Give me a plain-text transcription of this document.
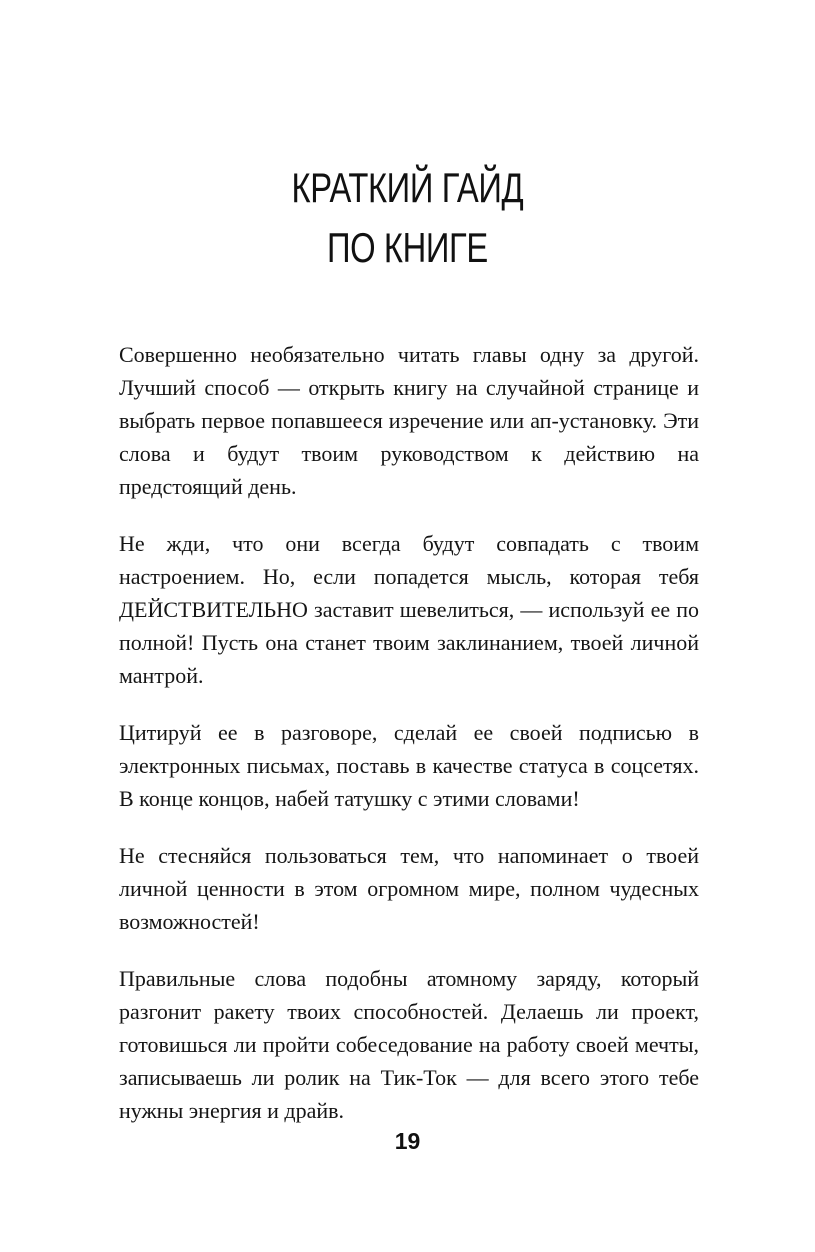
КРАТКИЙ ГАЙД
ПО КНИГЕ

Совершенно необязательно читать главы одну за другой. Лучший способ — открыть книгу на случайной странице и выбрать первое попавшееся изречение или ап-установку. Эти слова и будут твоим руководством к действию на предстоящий день.

Не жди, что они всегда будут совпадать с твоим настроением. Но, если попадется мысль, которая тебя ДЕЙСТВИТЕЛЬНО заставит шевелиться, — используй ее по полной! Пусть она станет твоим заклинанием, твоей личной мантрой.

Цитируй ее в разговоре, сделай ее своей подписью в электронных письмах, поставь в качестве статуса в соцсетях. В конце концов, набей татушку с этими словами!

Не стесняйся пользоваться тем, что напоминает о твоей личной ценности в этом огромном мире, полном чудесных возможностей!

Правильные слова подобны атомному заряду, который разгонит ракету твоих способностей. Делаешь ли проект, готовишься ли пройти собеседование на работу своей мечты, записываешь ли ролик на Тик-Ток — для всего этого тебе нужны энергия и драйв.

19
